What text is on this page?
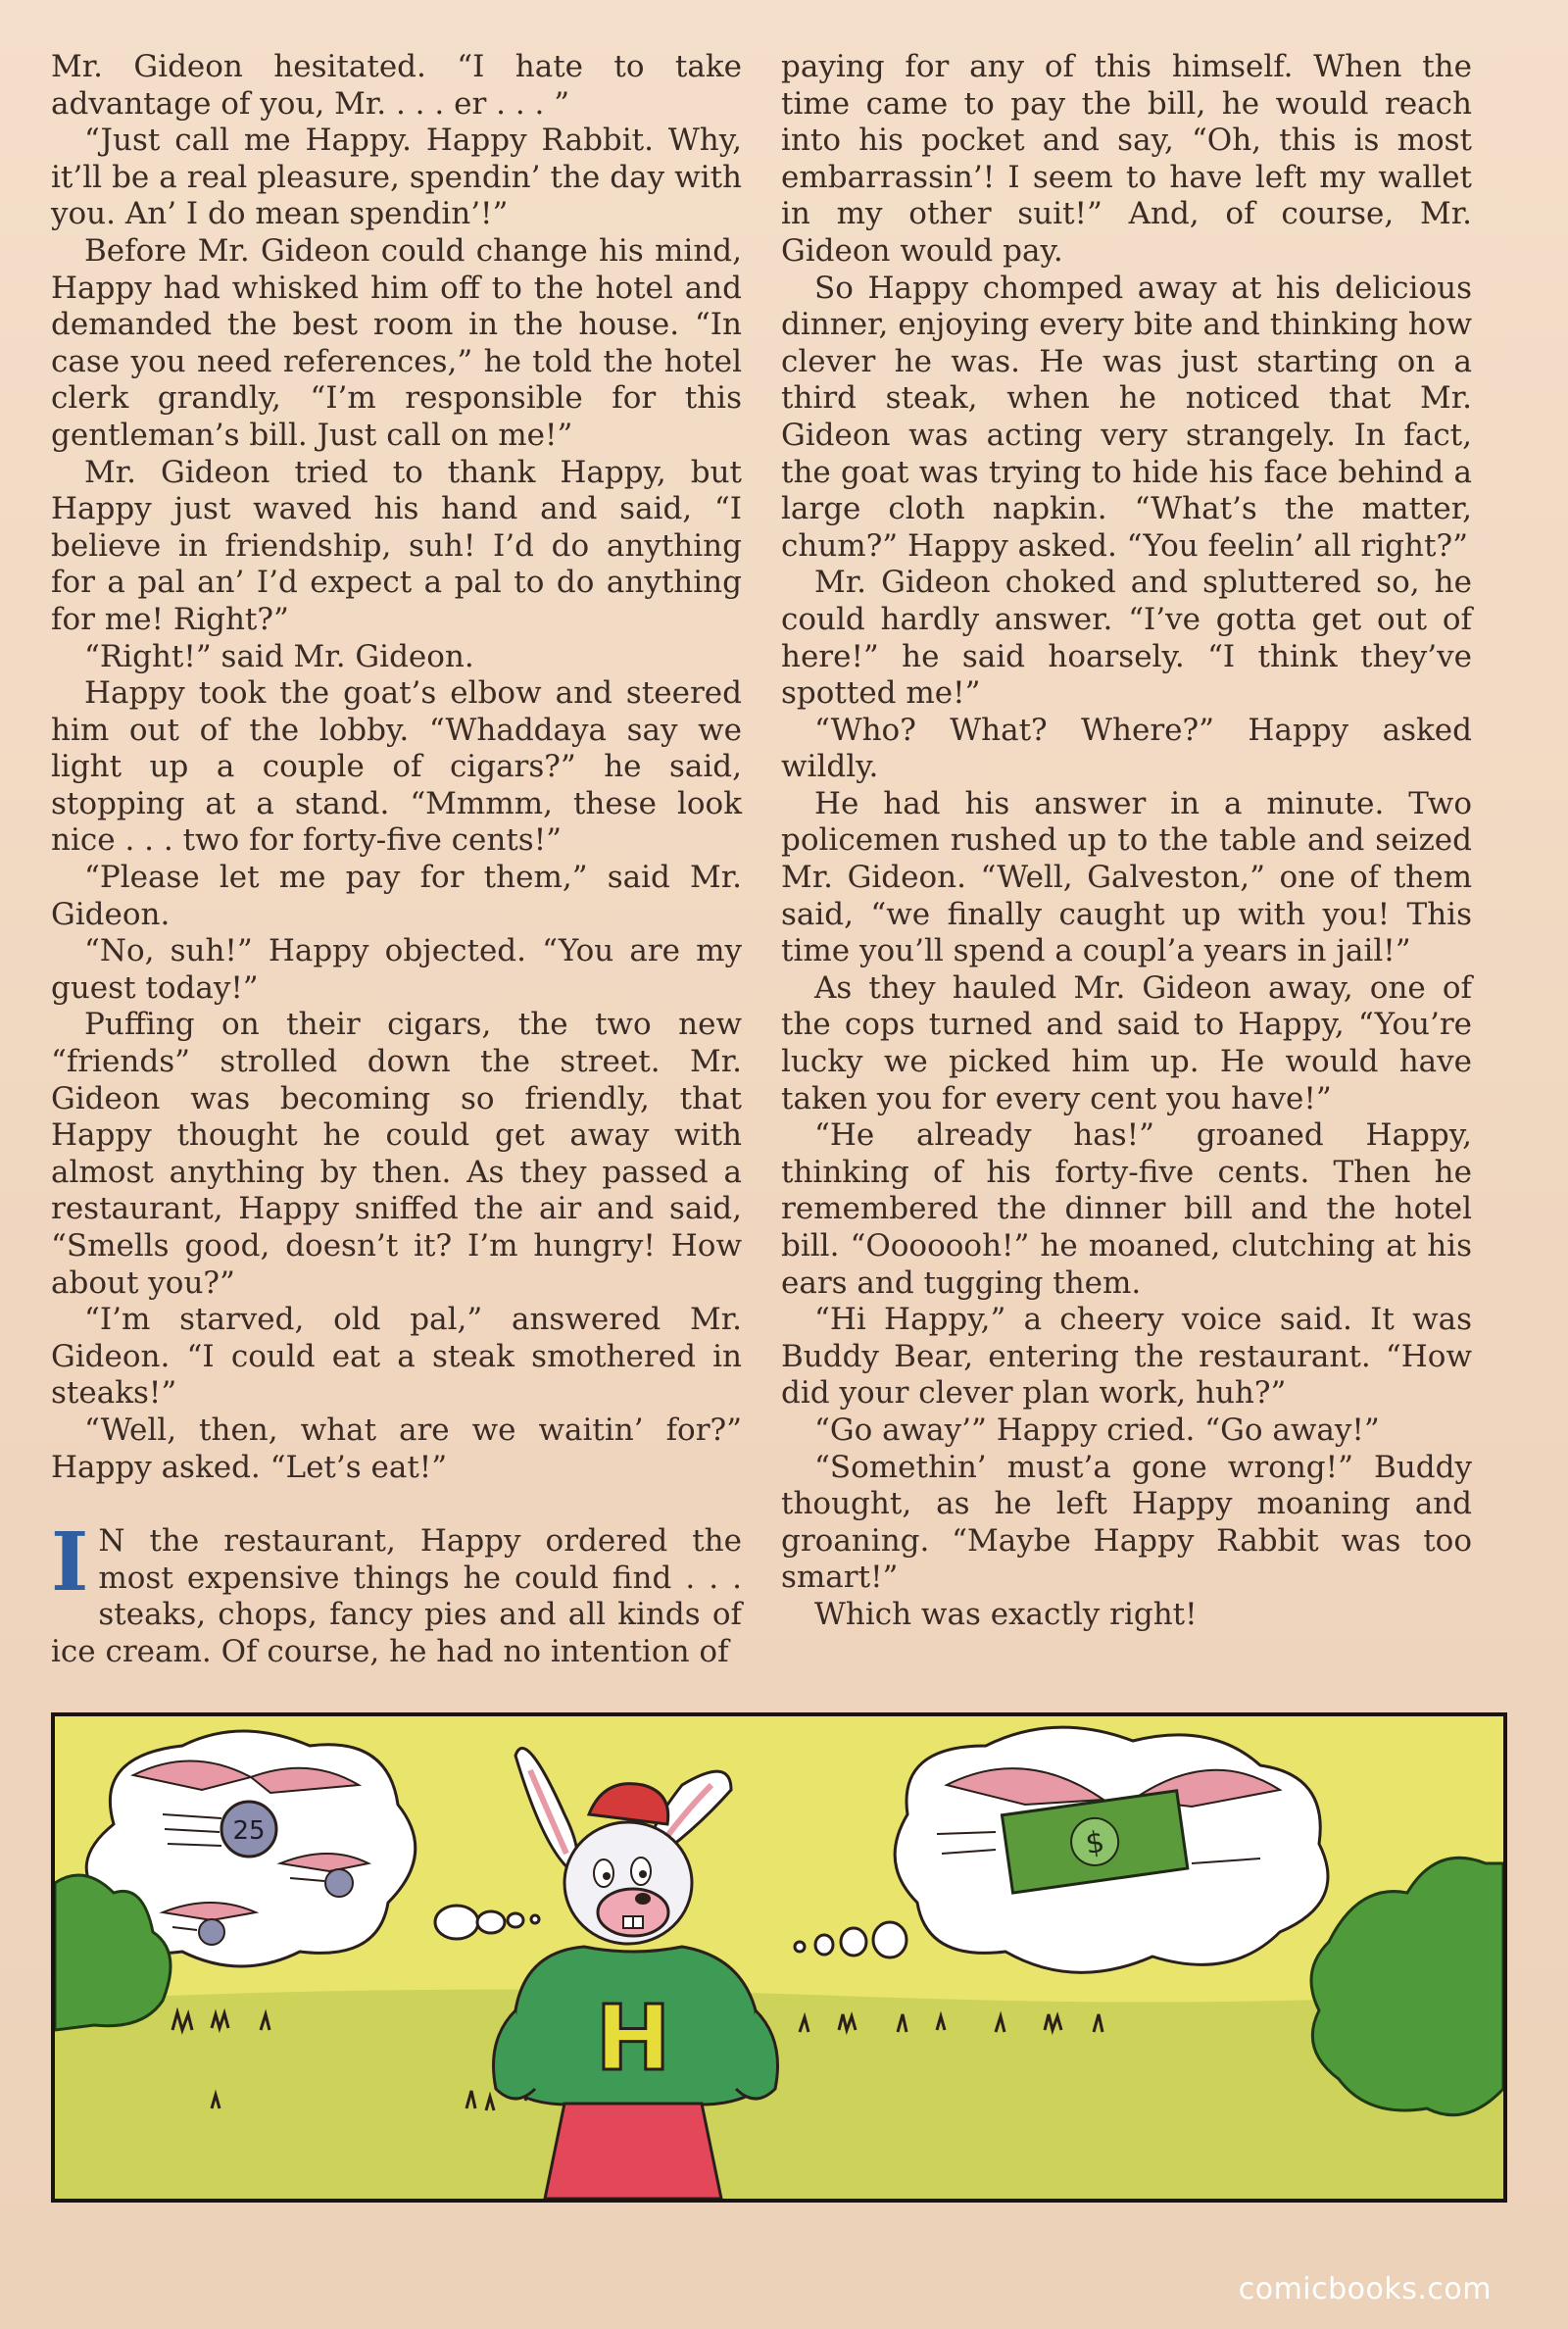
Mr. Gideon hesitated. “I hate to take advantage of you, Mr. . . . er . . . ”

“Just call me Happy. Happy Rabbit. Why, it’ll be a real pleasure, spendin’ the day with you. An’ I do mean spendin’!”

Before Mr. Gideon could change his mind, Happy had whisked him off to the hotel and demanded the best room in the house. “In case you need references,” he told the hotel clerk grandly, “I’m responsible for this gentleman’s bill. Just call on me!”

Mr. Gideon tried to thank Happy, but Happy just waved his hand and said, “I believe in friendship, suh! I’d do anything for a pal an’ I’d expect a pal to do anything for me! Right?”

“Right!” said Mr. Gideon.

Happy took the goat’s elbow and steered him out of the lobby. “Whaddaya say we light up a couple of cigars?” he said, stopping at a stand. “Mmmm, these look nice . . . two for forty-five cents!”

“Please let me pay for them,” said Mr. Gideon.

“No, suh!” Happy objected. “You are my guest today!”

Puffing on their cigars, the two new “friends” strolled down the street. Mr. Gideon was becoming so friendly, that Happy thought he could get away with almost anything by then. As they passed a restaurant, Happy sniffed the air and said, “Smells good, doesn’t it? I’m hungry! How about you?”

“I’m starved, old pal,” answered Mr. Gideon. “I could eat a steak smothered in steaks!”

“Well, then, what are we waitin’ for?” Happy asked. “Let’s eat!”

I N the restaurant, Happy ordered the most expensive things he could find . . . steaks, chops, fancy pies and all kinds of ice cream. Of course, he had no intention of

paying for any of this himself. When the time came to pay the bill, he would reach into his pocket and say, “Oh, this is most embarrassin’! I seem to have left my wallet in my other suit!” And, of course, Mr. Gideon would pay.

So Happy chomped away at his delicious dinner, enjoying every bite and thinking how clever he was. He was just starting on a third steak, when he noticed that Mr. Gideon was acting very strangely. In fact, the goat was trying to hide his face behind a large cloth napkin. “What’s the matter, chum?” Happy asked. “You feelin’ all right?”

Mr. Gideon choked and spluttered so, he could hardly answer. “I’ve gotta get out of here!” he said hoarsely. “I think they’ve spotted me!”

“Who? What? Where?” Happy asked wildly.

He had his answer in a minute. Two policemen rushed up to the table and seized Mr. Gideon. “Well, Galveston,” one of them said, “we finally caught up with you! This time you’ll spend a coupl’a years in jail!”

As they hauled Mr. Gideon away, one of the cops turned and said to Happy, “You’re lucky we picked him up. He would have taken you for every cent you have!”

“He already has!” groaned Happy, thinking of his forty-five cents. Then he remembered the dinner bill and the hotel bill. “Ooooooh!” he moaned, clutching at his ears and tugging them.

“Hi Happy,” a cheery voice said. It was Buddy Bear, entering the restaurant. “How did your clever plan work, huh?”

“Go away’” Happy cried. “Go away!”

“Somethin’ must’a gone wrong!” Buddy thought, as he left Happy moaning and groaning. “Maybe Happy Rabbit was too smart!”

Which was exactly right!

25	$
H
comicbooks.com
